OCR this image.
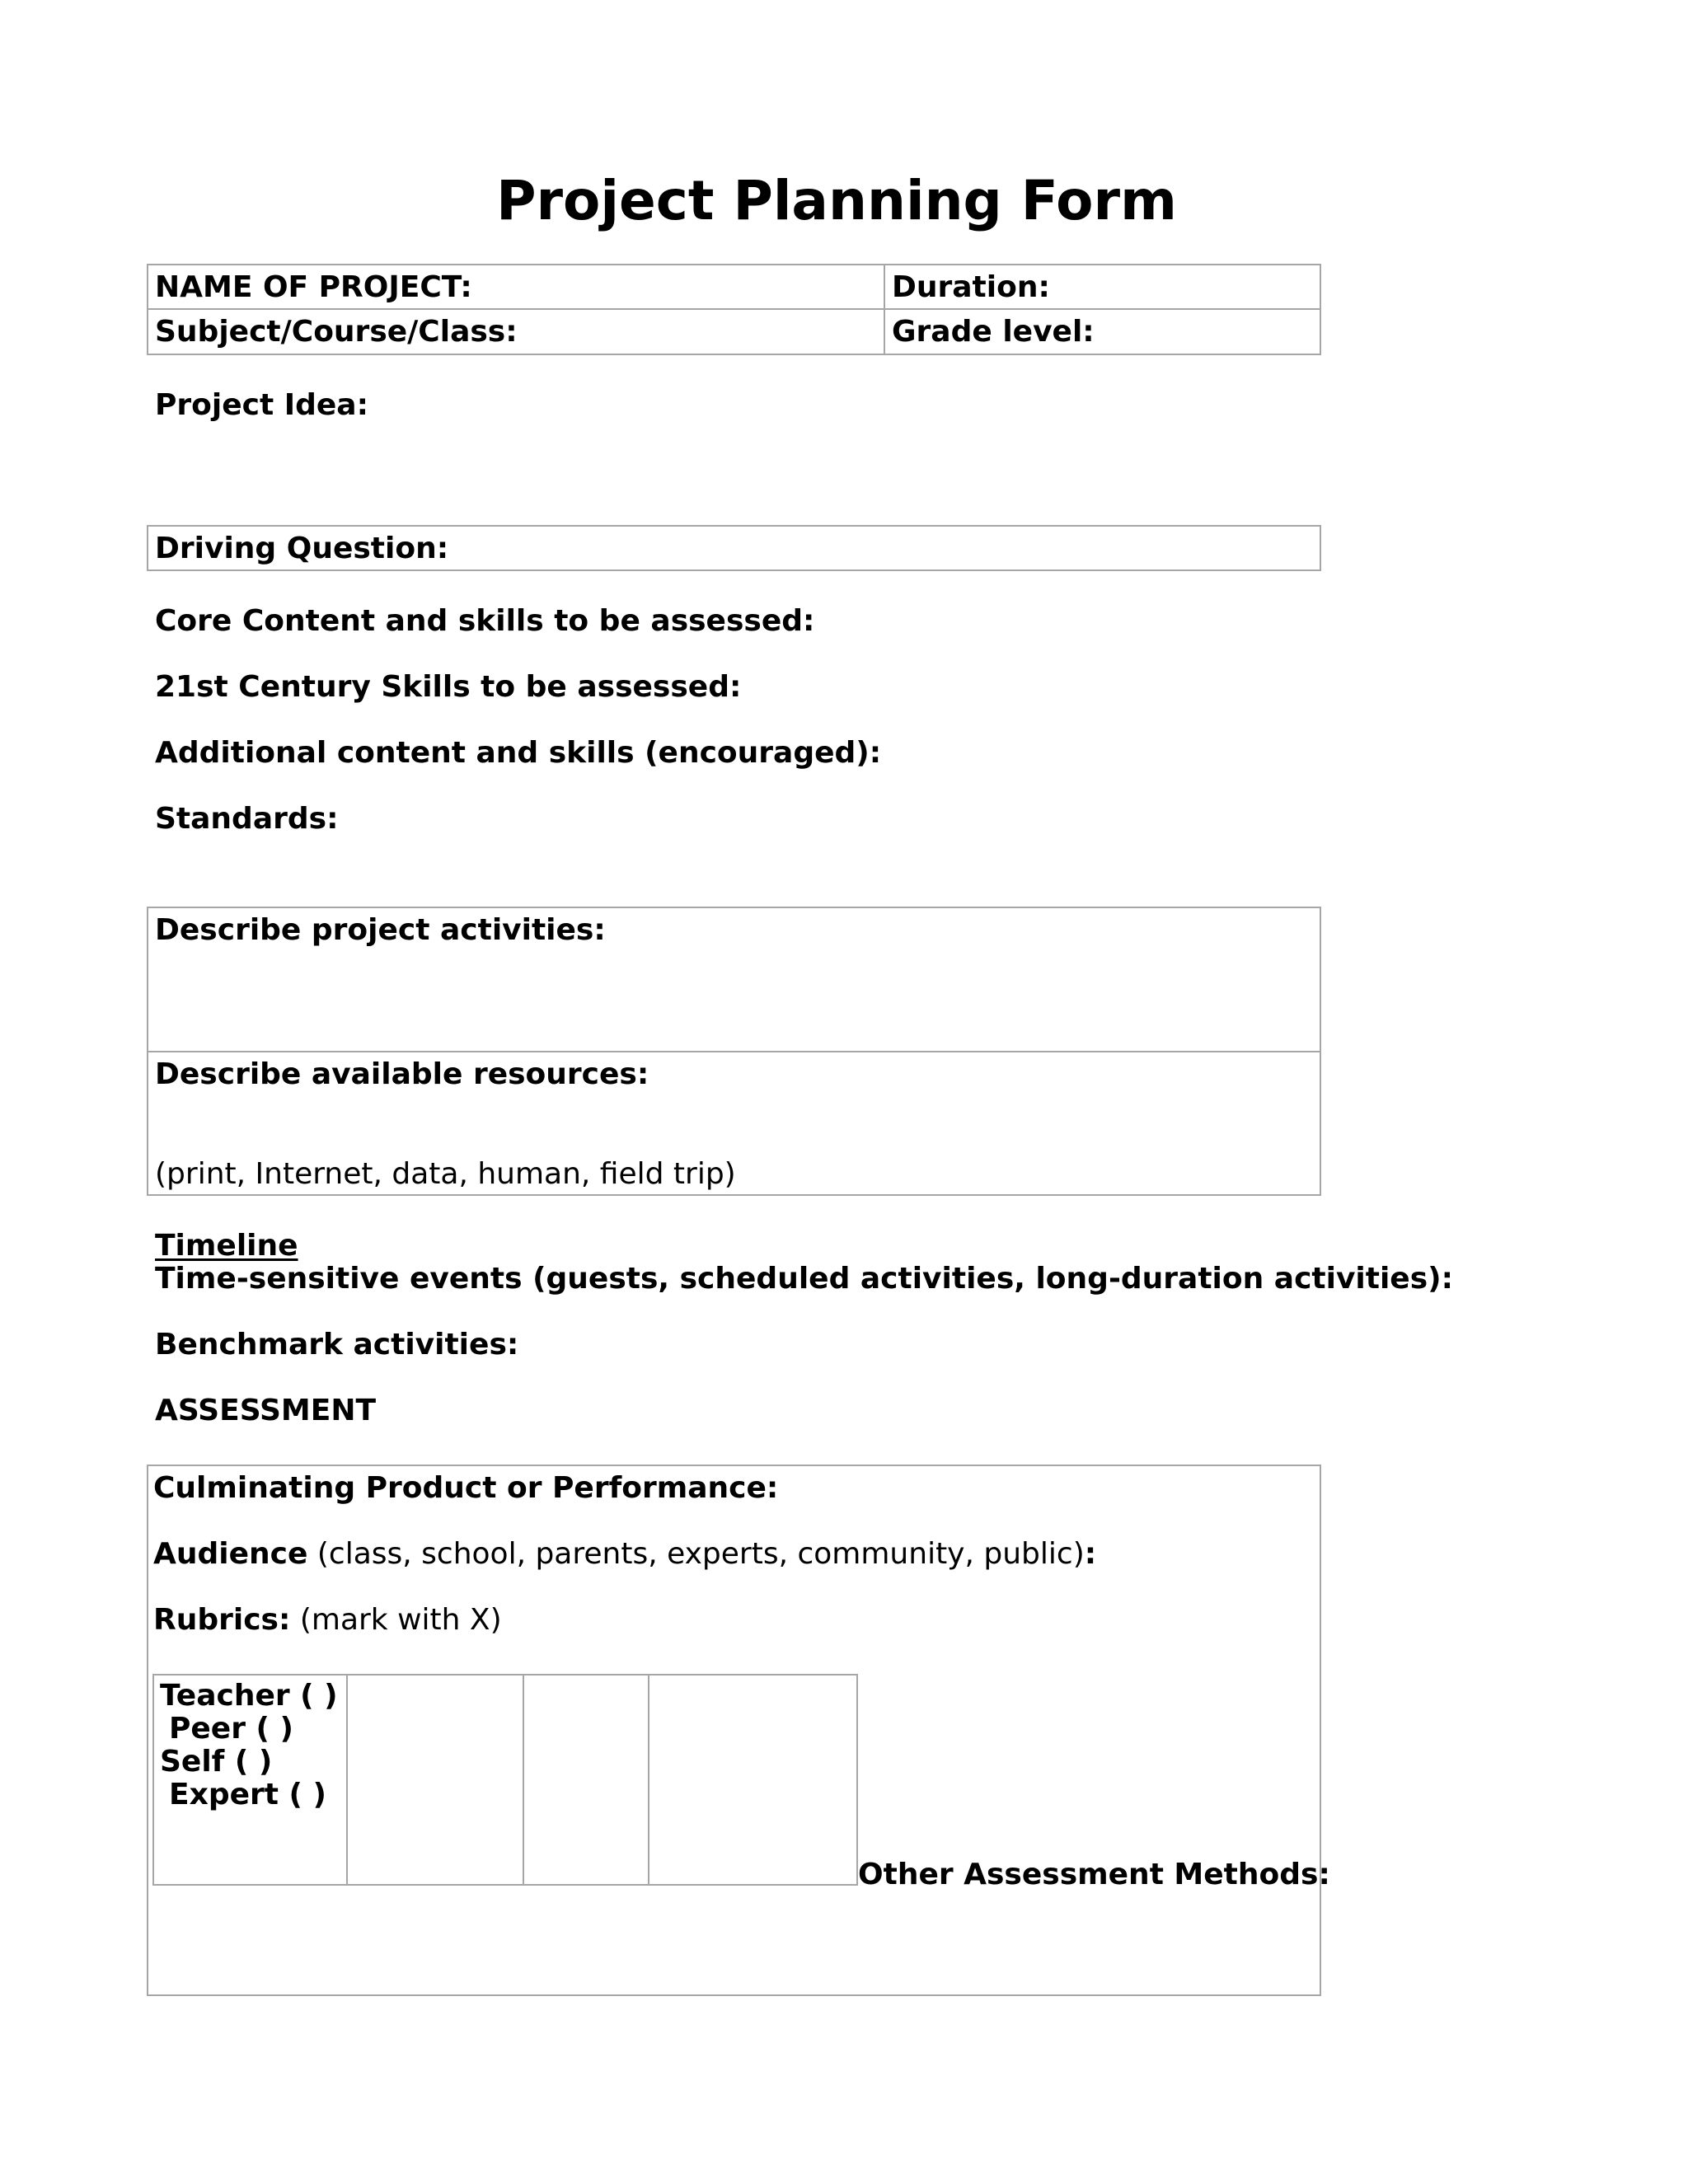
Project Planning Form
NAME OF PROJECT:	Duration:
Subject/Course/Class:	Grade level:
Project Idea:
Driving Question:
Core Content and skills to be assessed:
21st Century Skills to be assessed:
Additional content and skills (encouraged):
Standards:
Describe project activities:
Describe available resources:
(print, Internet, data, human, field trip)
Timeline
Time-sensitive events (guests, scheduled activities, long-duration activities):
Benchmark activities:
ASSESSMENT
Culminating Product or Performance:
Audience (class, school, parents, experts, community, public):
Rubrics: (mark with X)
Teacher ( )
Peer ( )
Self ( )
Expert ( )
Other Assessment Methods:
